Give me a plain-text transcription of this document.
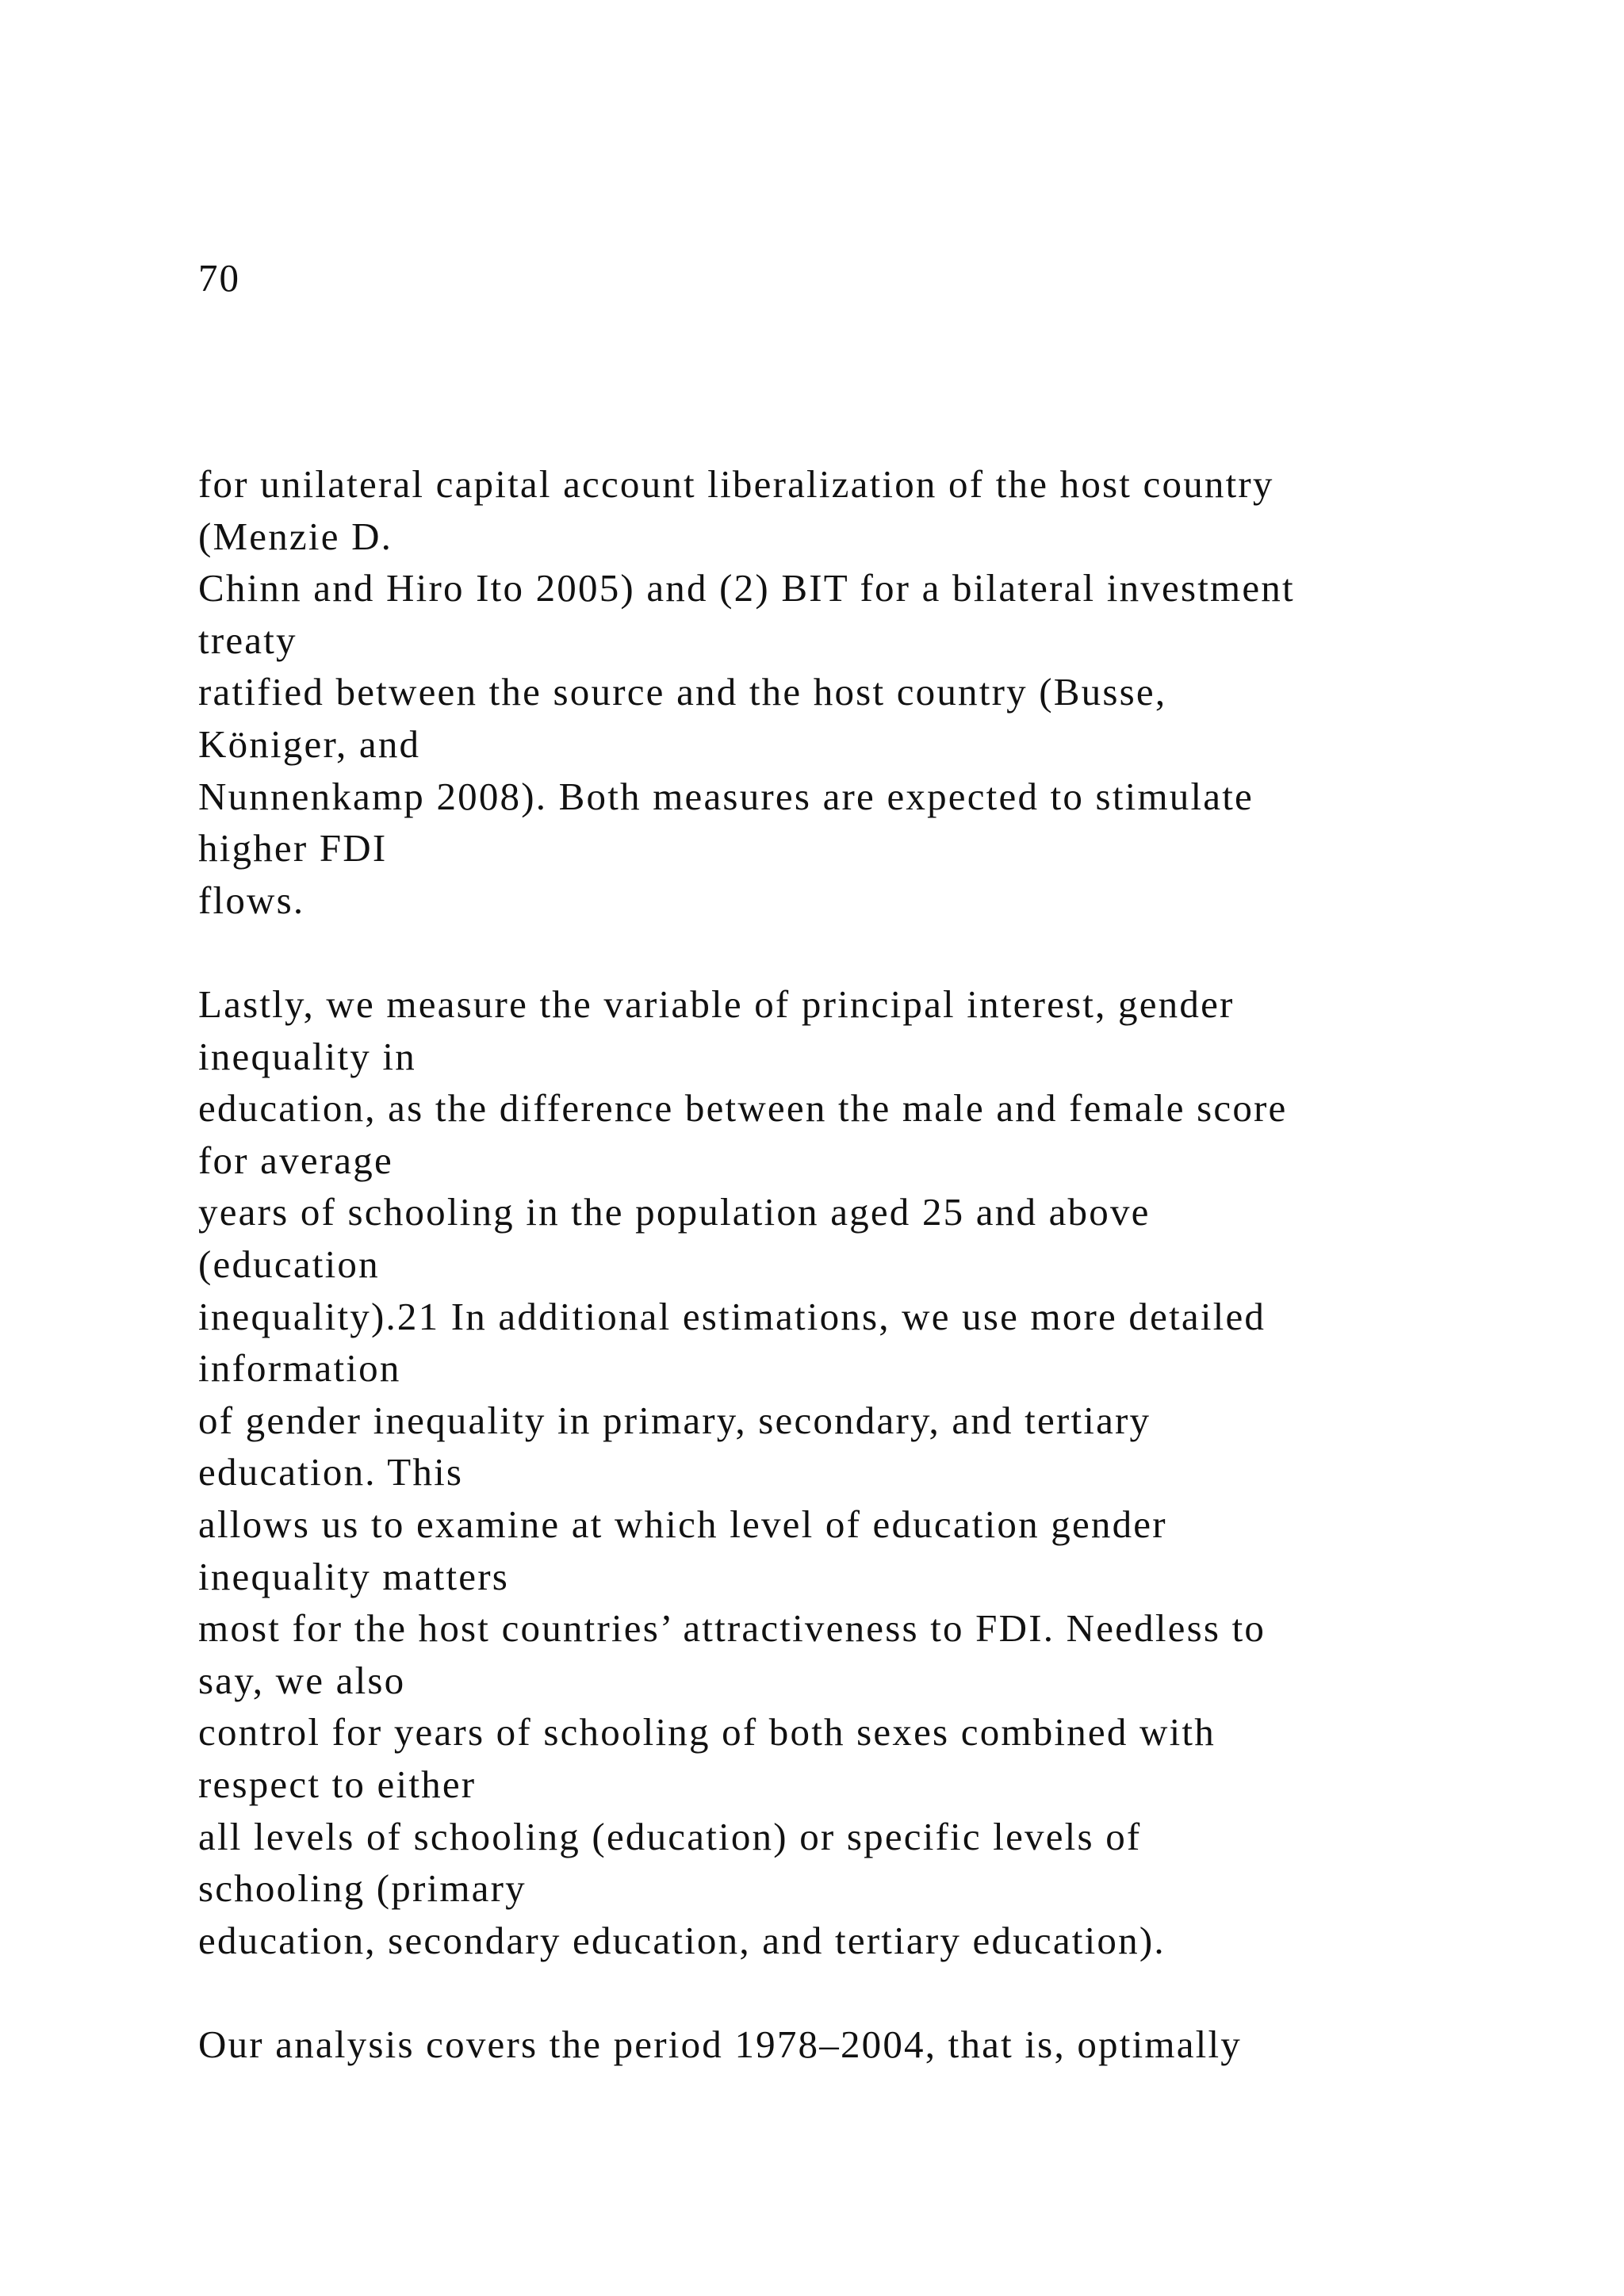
70
for unilateral capital account liberalization of the host country
(Menzie D.
Chinn and Hiro Ito 2005) and (2) BIT for a bilateral investment
treaty
ratified between the source and the host country (Busse,
Königer, and
Nunnenkamp 2008). Both measures are expected to stimulate
higher FDI
flows.
Lastly, we measure the variable of principal interest, gender
inequality in
education, as the difference between the male and female score
for average
years of schooling in the population aged 25 and above
(education
inequality).21 In additional estimations, we use more detailed
information
of gender inequality in primary, secondary, and tertiary
education. This
allows us to examine at which level of education gender
inequality matters
most for the host countries’ attractiveness to FDI. Needless to
say, we also
control for years of schooling of both sexes combined with
respect to either
all levels of schooling (education) or specific levels of
schooling (primary
education, secondary education, and tertiary education).
Our analysis covers the period 1978–2004, that is, optimally
